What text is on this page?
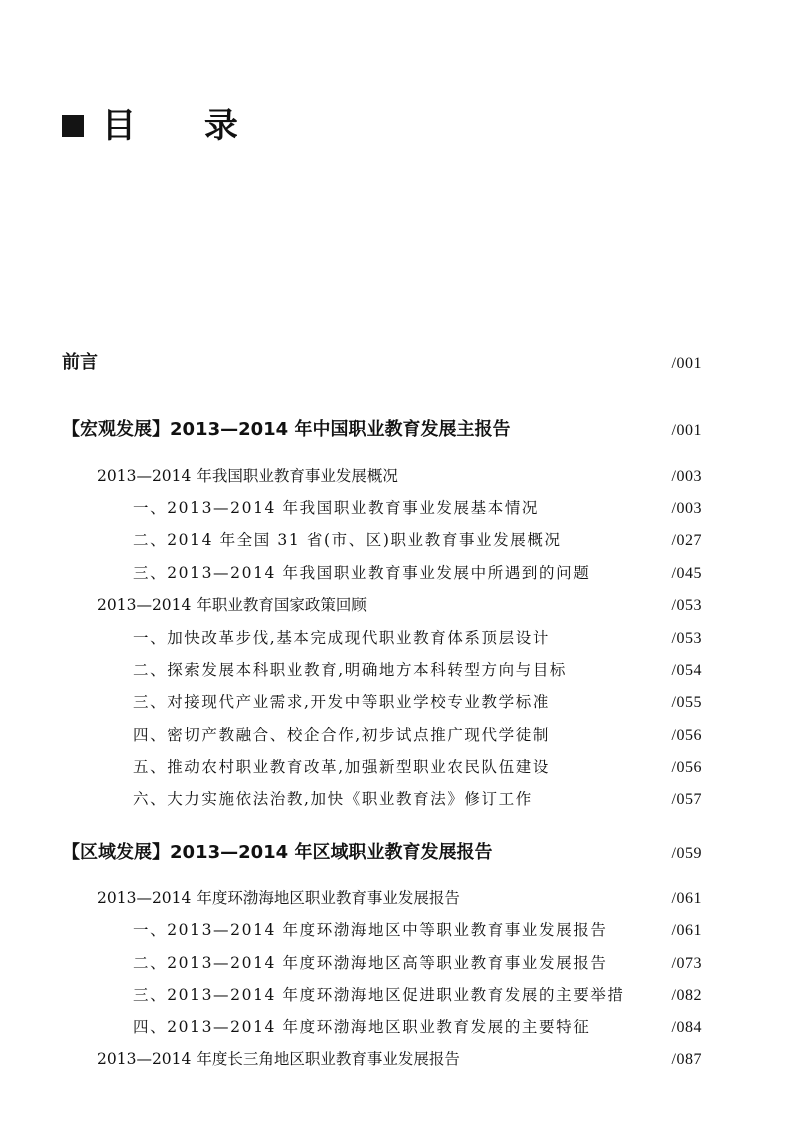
目 录
前言	/001
【宏观发展】2013—2014 年中国职业教育发展主报告	/001
2013—2014 年我国职业教育事业发展概况	/003
一、2013—2014 年我国职业教育事业发展基本情况	/003
二、2014 年全国 31 省(市、区)职业教育事业发展概况	/027
三、2013—2014 年我国职业教育事业发展中所遇到的问题	/045
2013—2014 年职业教育国家政策回顾	/053
一、加快改革步伐,基本完成现代职业教育体系顶层设计	/053
二、探索发展本科职业教育,明确地方本科转型方向与目标	/054
三、对接现代产业需求,开发中等职业学校专业教学标准	/055
四、密切产教融合、校企合作,初步试点推广现代学徒制	/056
五、推动农村职业教育改革,加强新型职业农民队伍建设	/056
六、大力实施依法治教,加快《职业教育法》修订工作	/057
【区域发展】2013—2014 年区域职业教育发展报告	/059
2013—2014 年度环渤海地区职业教育事业发展报告	/061
一、2013—2014 年度环渤海地区中等职业教育事业发展报告	/061
二、2013—2014 年度环渤海地区高等职业教育事业发展报告	/073
三、2013—2014 年度环渤海地区促进职业教育发展的主要举措	/082
四、2013—2014 年度环渤海地区职业教育发展的主要特征	/084
2013—2014 年度长三角地区职业教育事业发展报告	/087
